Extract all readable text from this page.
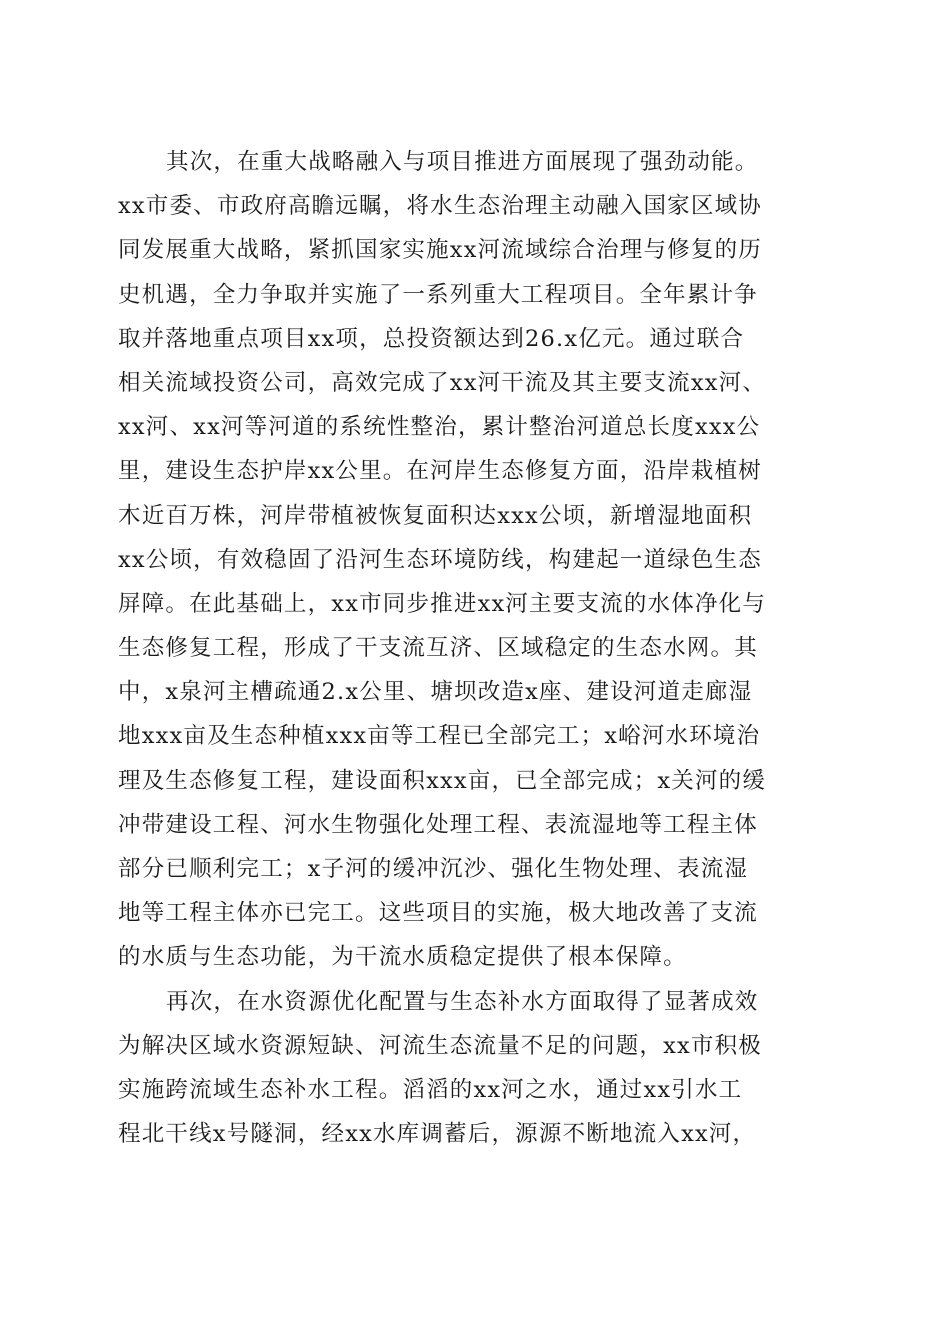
其次，在重大战略融入与项目推进方面展现了强劲动能。
xx市委、市政府高瞻远瞩，将水生态治理主动融入国家区域协
同发展重大战略，紧抓国家实施xx河流域综合治理与修复的历
史机遇，全力争取并实施了一系列重大工程项目。全年累计争
取并落地重点项目xx项，总投资额达到26.x亿元。通过联合
相关流域投资公司，高效完成了xx河干流及其主要支流xx河、
xx河、xx河等河道的系统性整治，累计整治河道总长度xxx公
里，建设生态护岸xx公里。在河岸生态修复方面，沿岸栽植树
木近百万株，河岸带植被恢复面积达xxx公顷，新增湿地面积
xx公顷，有效稳固了沿河生态环境防线，构建起一道绿色生态
屏障。在此基础上，xx市同步推进xx河主要支流的水体净化与
生态修复工程，形成了干支流互济、区域稳定的生态水网。其
中，x泉河主槽疏通2.x公里、塘坝改造x座、建设河道走廊湿
地xxx亩及生态种植xxx亩等工程已全部完工；x峪河水环境治
理及生态修复工程，建设面积xxx亩，已全部完成；x关河的缓
冲带建设工程、河水生物强化处理工程、表流湿地等工程主体
部分已顺利完工；x子河的缓冲沉沙、强化生物处理、表流湿
地等工程主体亦已完工。这些项目的实施，极大地改善了支流
的水质与生态功能，为干流水质稳定提供了根本保障。
再次，在水资源优化配置与生态补水方面取得了显著成效
为解决区域水资源短缺、河流生态流量不足的问题，xx市积极
实施跨流域生态补水工程。滔滔的xx河之水，通过xx引水工
程北干线x号隧洞，经xx水库调蓄后，源源不断地流入xx河，
